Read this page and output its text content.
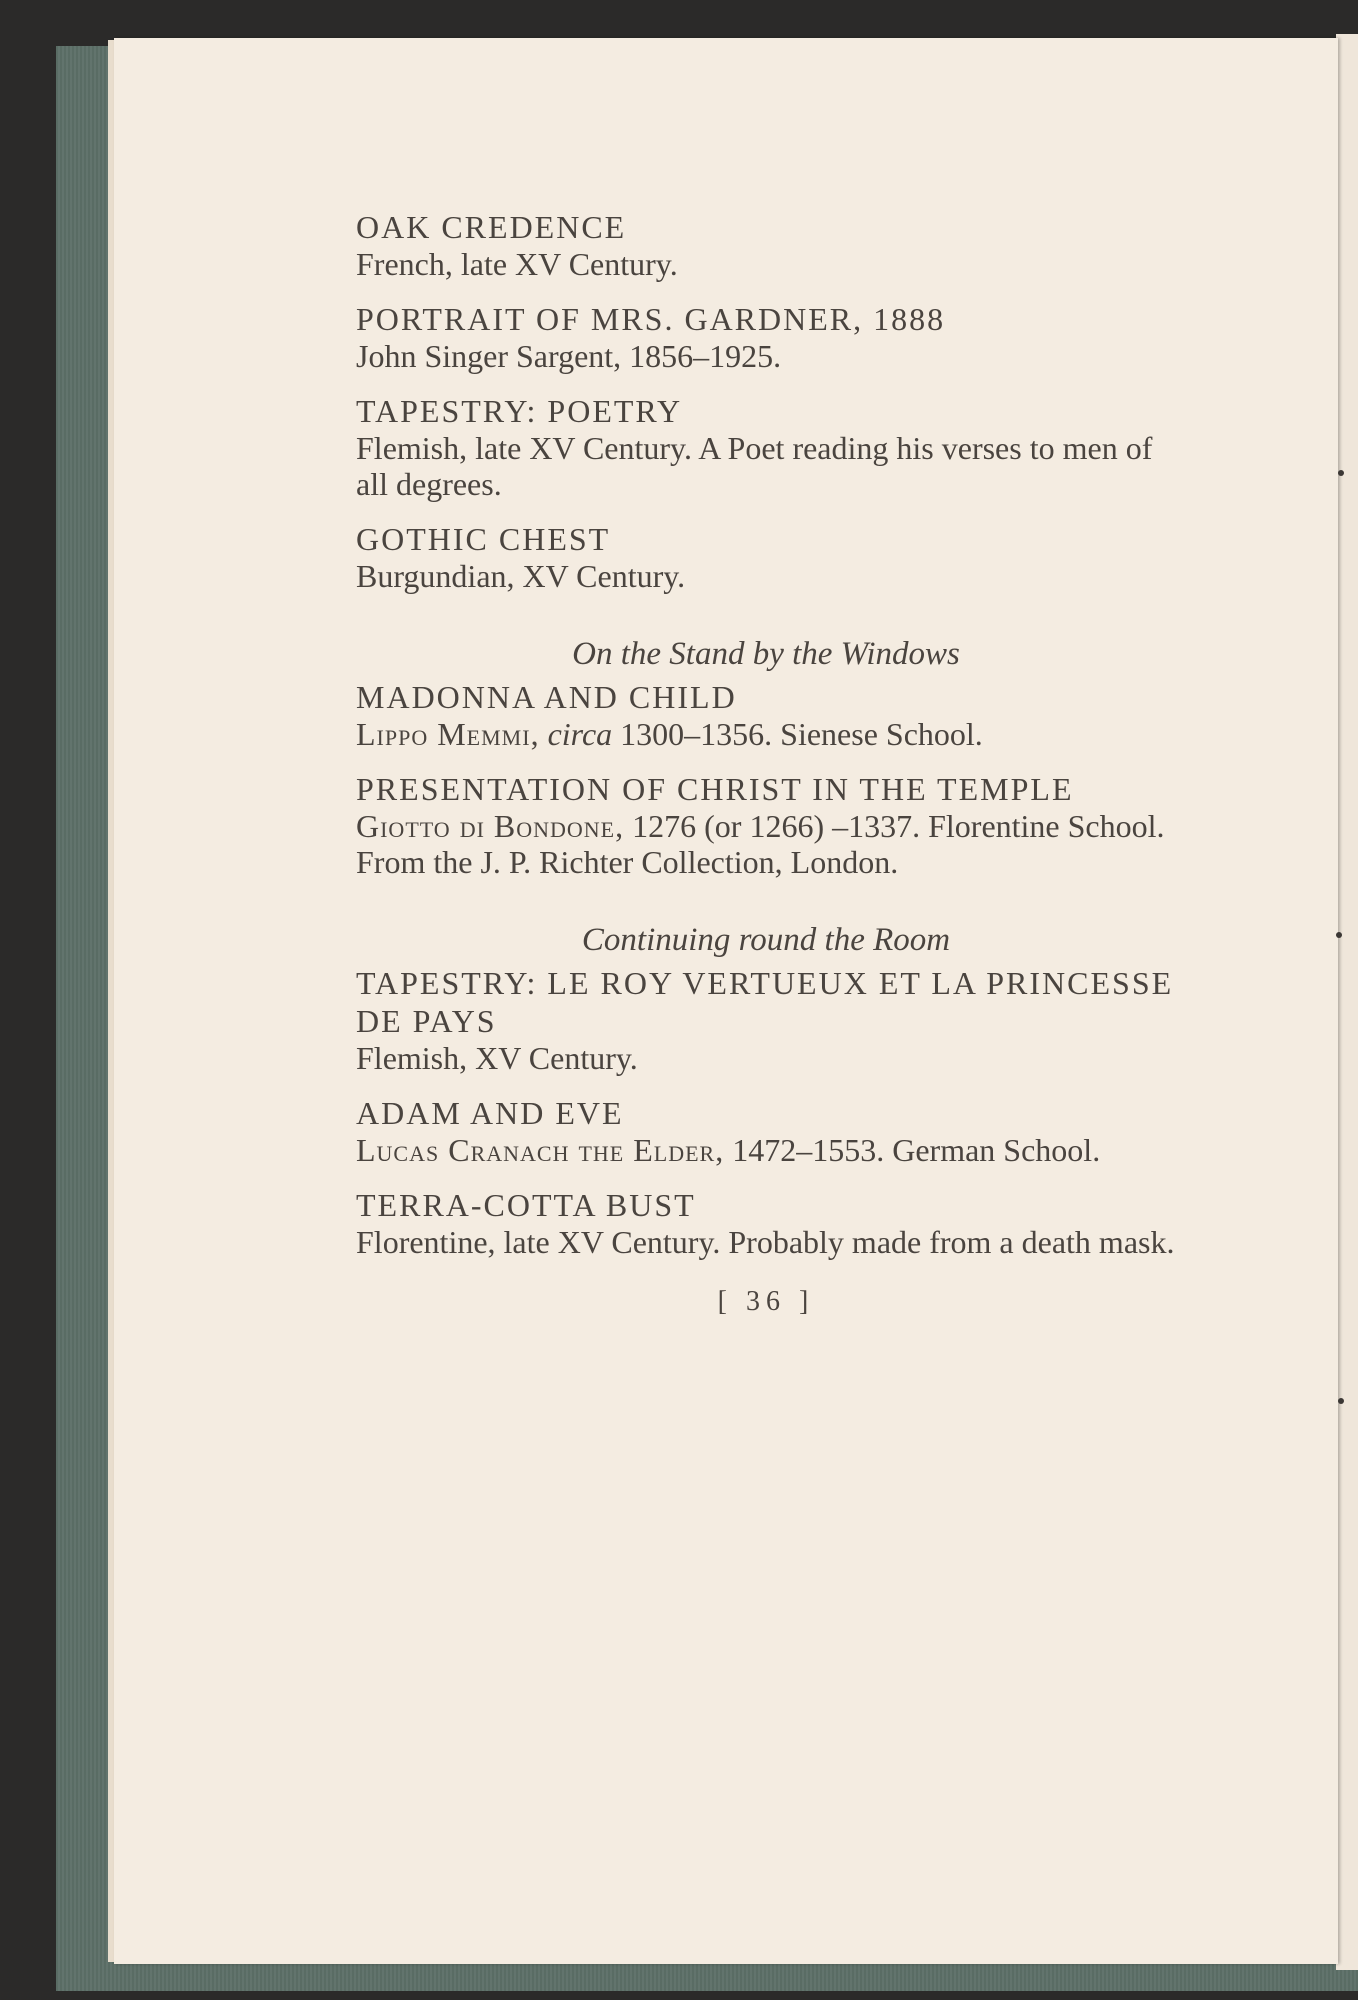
OAK CREDENCE
French, late XV Century.
PORTRAIT OF MRS. GARDNER, 1888
John Singer Sargent, 1856–1925.
TAPESTRY: POETRY
Flemish, late XV Century. A Poet reading his verses to men of all degrees.
GOTHIC CHEST
Burgundian, XV Century.
On the Stand by the Windows
MADONNA AND CHILD
Lippo Memmi, circa 1300–1356. Sienese School.
PRESENTATION OF CHRIST IN THE TEMPLE
Giotto di Bondone, 1276 (or 1266) –1337. Florentine School. From the J. P. Richter Collection, London.
Continuing round the Room
TAPESTRY: LE ROY VERTUEUX ET LA PRINCESSE DE PAYS
Flemish, XV Century.
ADAM AND EVE
Lucas Cranach the Elder, 1472–1553. German School.
TERRA-COTTA BUST
Florentine, late XV Century. Probably made from a death mask.
[ 36 ]
